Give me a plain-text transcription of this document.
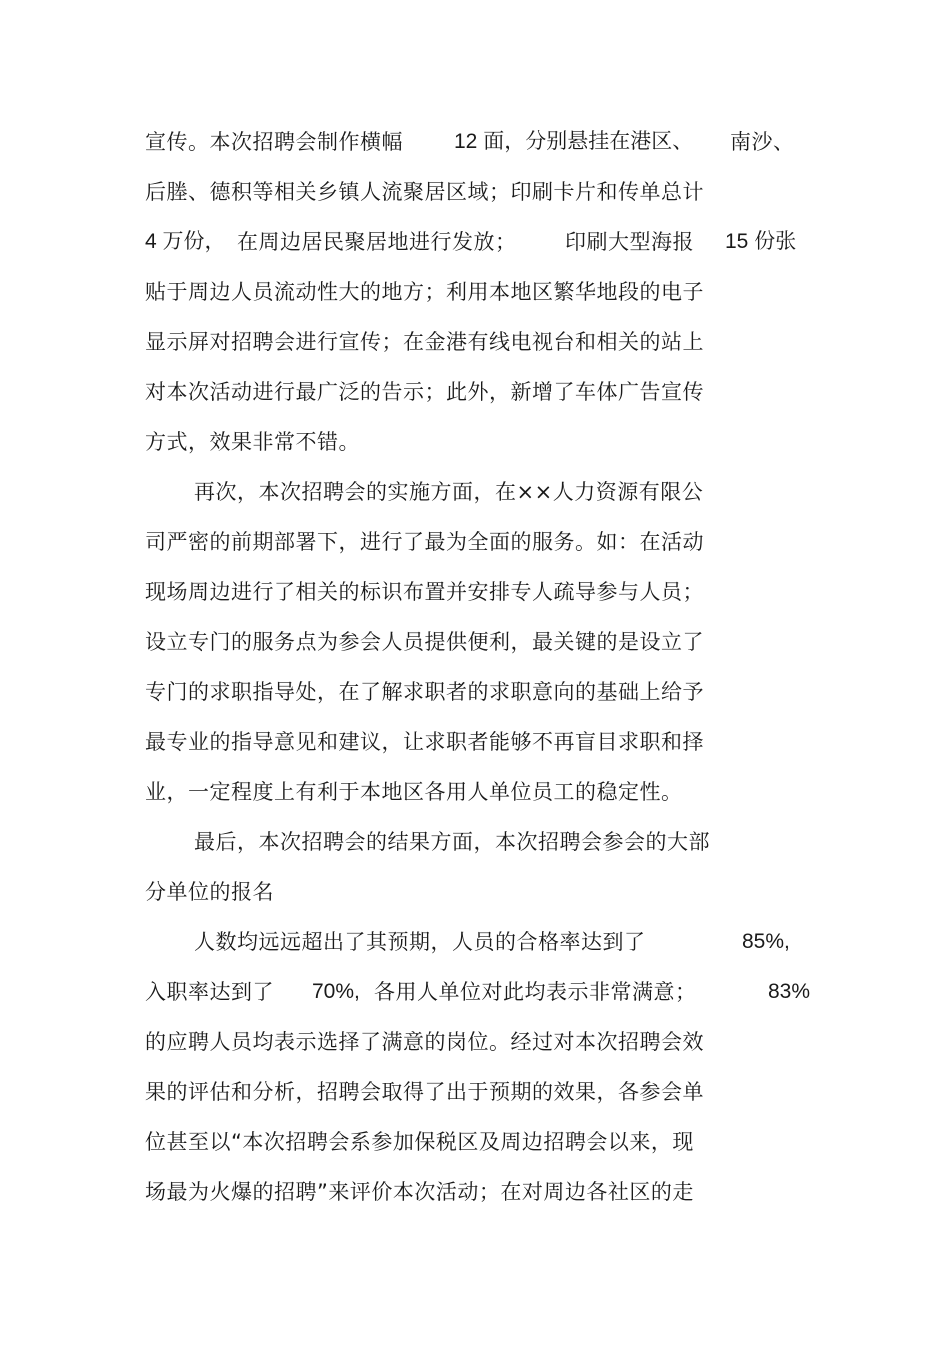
宣传。本次招聘会制作横幅

12 面，分别悬挂在港区、

南沙、

后塍、德积等相关乡镇人流聚居区域；印刷卡片和传单总计

4 万份，

在周边居民聚居地进行发放；

印刷大型海报

15 份张

贴于周边人员流动性大的地方；利用本地区繁华地段的电子

显示屏对招聘会进行宣传；在金港有线电视台和相关的站上

对本次活动进行最广泛的告示；此外，新增了车体广告宣传

方式，效果非常不错。

再次，本次招聘会的实施方面，在××人力资源有限公

司严密的前期部署下，进行了最为全面的服务。如：在活动

现场周边进行了相关的标识布置并安排专人疏导参与人员；

设立专门的服务点为参会人员提供便利，最关键的是设立了

专门的求职指导处，在了解求职者的求职意向的基础上给予

最专业的指导意见和建议，让求职者能够不再盲目求职和择

业，一定程度上有利于本地区各用人单位员工的稳定性。

最后，本次招聘会的结果方面，本次招聘会参会的大部

分单位的报名

人数均远远超出了其预期，人员的合格率达到了

	85%,

入职率达到了

70%,

各用人单位对此均表示非常满意；

	83%

的应聘人员均表示选择了满意的岗位。经过对本次招聘会效

果的评估和分析，招聘会取得了出于预期的效果，各参会单

位甚至以“本次招聘会系参加保税区及周边招聘会以来，现

场最为火爆的招聘”来评价本次活动；在对周边各社区的走
